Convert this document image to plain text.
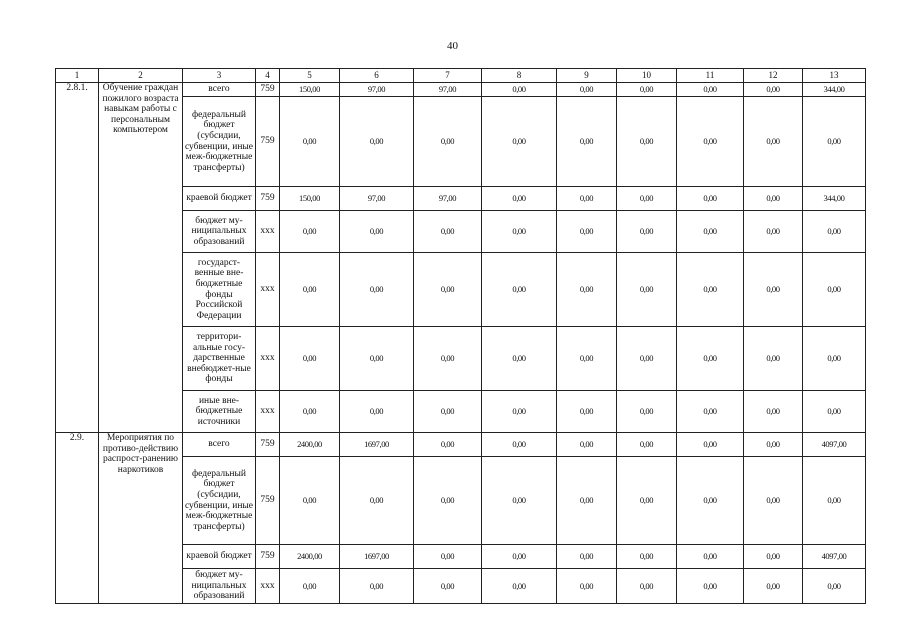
40
1	2	3	4	5	6	7	8	9	10	11	12	13
2.8.1.	Обучение граждан пожилого возраста навыкам работы с персональным компьютером	всего	759	150,00	97,00	97,00	0,00	0,00	0,00	0,00	0,00	344,00
		федеральный бюджет (субсидии, субвенции, иные меж-бюджетные трансферты)	759	0,00	0,00	0,00	0,00	0,00	0,00	0,00	0,00	0,00
		краевой бюджет	759	150,00	97,00	97,00	0,00	0,00	0,00	0,00	0,00	344,00
		бюджет му-ниципальных образований	ххх	0,00	0,00	0,00	0,00	0,00	0,00	0,00	0,00	0,00
		государст-венные вне-бюджетные фонды Российской Федерации	ххх	0,00	0,00	0,00	0,00	0,00	0,00	0,00	0,00	0,00
		территори-альные госу-дарственные внебюджет-ные фонды	ххх	0,00	0,00	0,00	0,00	0,00	0,00	0,00	0,00	0,00
		иные вне-бюджетные источники	ххх	0,00	0,00	0,00	0,00	0,00	0,00	0,00	0,00	0,00
2.9.	Мероприятия по противо-действию распрост-ранению наркотиков	всего	759	2400,00	1697,00	0,00	0,00	0,00	0,00	0,00	0,00	4097,00
		федеральный бюджет (субсидии, субвенции, иные меж-бюджетные трансферты)	759	0,00	0,00	0,00	0,00	0,00	0,00	0,00	0,00	0,00
		краевой бюджет	759	2400,00	1697,00	0,00	0,00	0,00	0,00	0,00	0,00	4097,00
		бюджет му-ниципальных образований	ххх	0,00	0,00	0,00	0,00	0,00	0,00	0,00	0,00	0,00
